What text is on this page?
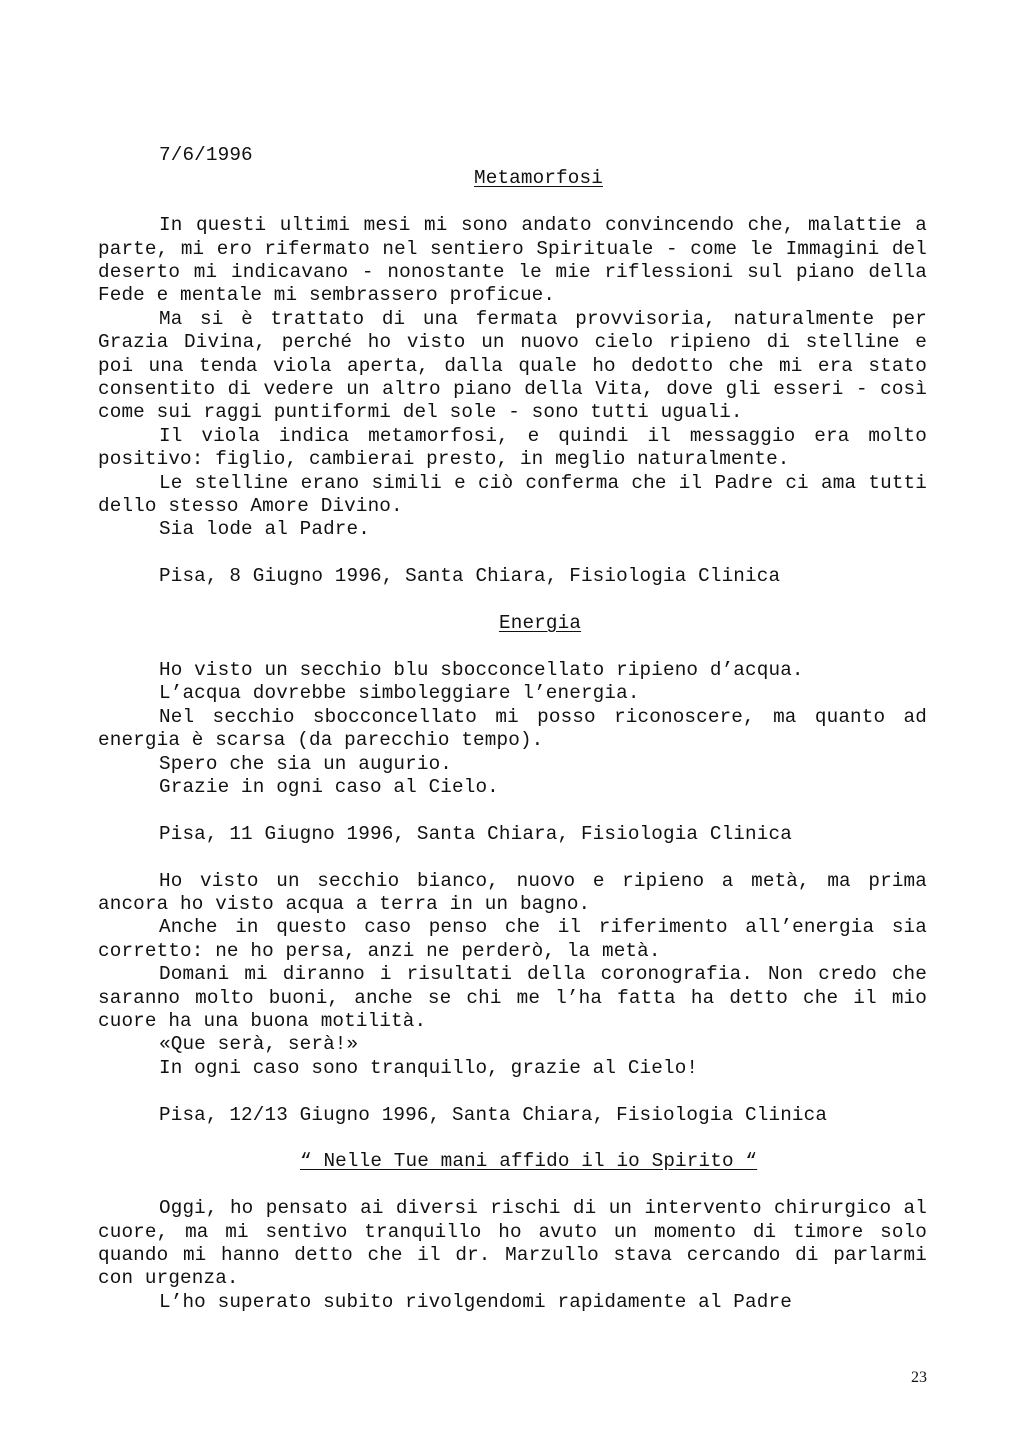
7/6/1996

Metamorfosi

In questi ultimi mesi mi sono andato convincendo che, malattie a parte, mi ero rifermato nel sentiero Spirituale - come le Immagini del deserto mi indicavano - nonostante le mie riflessioni sul piano della Fede e mentale mi sembrassero proficue.

Ma si è trattato di una fermata provvisoria, naturalmente per Grazia Divina, perché ho visto un nuovo cielo ripieno di stelline e poi una tenda viola aperta, dalla quale ho dedotto che mi era stato consentito di vedere un altro piano della Vita, dove gli esseri - così come sui raggi puntiformi del sole - sono tutti uguali.

Il viola indica metamorfosi, e quindi il messaggio era molto positivo: figlio, cambierai presto, in meglio naturalmente.

Le stelline erano simili e ciò conferma che il Padre ci ama tutti dello stesso Amore Divino.

Sia lode al Padre.

Pisa, 8 Giugno 1996, Santa Chiara, Fisiologia Clinica

Energia

Ho visto un secchio blu sbocconcellato ripieno d’acqua.

L’acqua dovrebbe simboleggiare l’energia.

Nel secchio sbocconcellato mi posso riconoscere, ma quanto ad energia è scarsa (da parecchio tempo).

Spero che sia un augurio.

Grazie in ogni caso al Cielo.

Pisa, 11 Giugno 1996, Santa Chiara, Fisiologia Clinica

Ho visto un secchio bianco, nuovo e ripieno a metà, ma prima ancora ho visto acqua a terra in un bagno.

Anche in questo caso penso che il riferimento all’energia sia corretto: ne ho persa, anzi ne perderò, la metà.

Domani mi diranno i risultati della coronografia. Non credo che saranno molto buoni, anche se chi me l’ha fatta ha detto che il mio cuore ha una buona motilità.

«Que serà, serà!»

In ogni caso sono tranquillo, grazie al Cielo!

Pisa, 12/13 Giugno 1996, Santa Chiara, Fisiologia Clinica

“ Nelle Tue mani affido il io Spirito “

Oggi, ho pensato ai diversi rischi di un intervento chirurgico al cuore, ma mi sentivo tranquillo ho avuto un momento di timore solo quando mi hanno detto che il dr. Marzullo stava cercando di parlarmi con urgenza.

L’ho superato subito rivolgendomi rapidamente al Padre

23
